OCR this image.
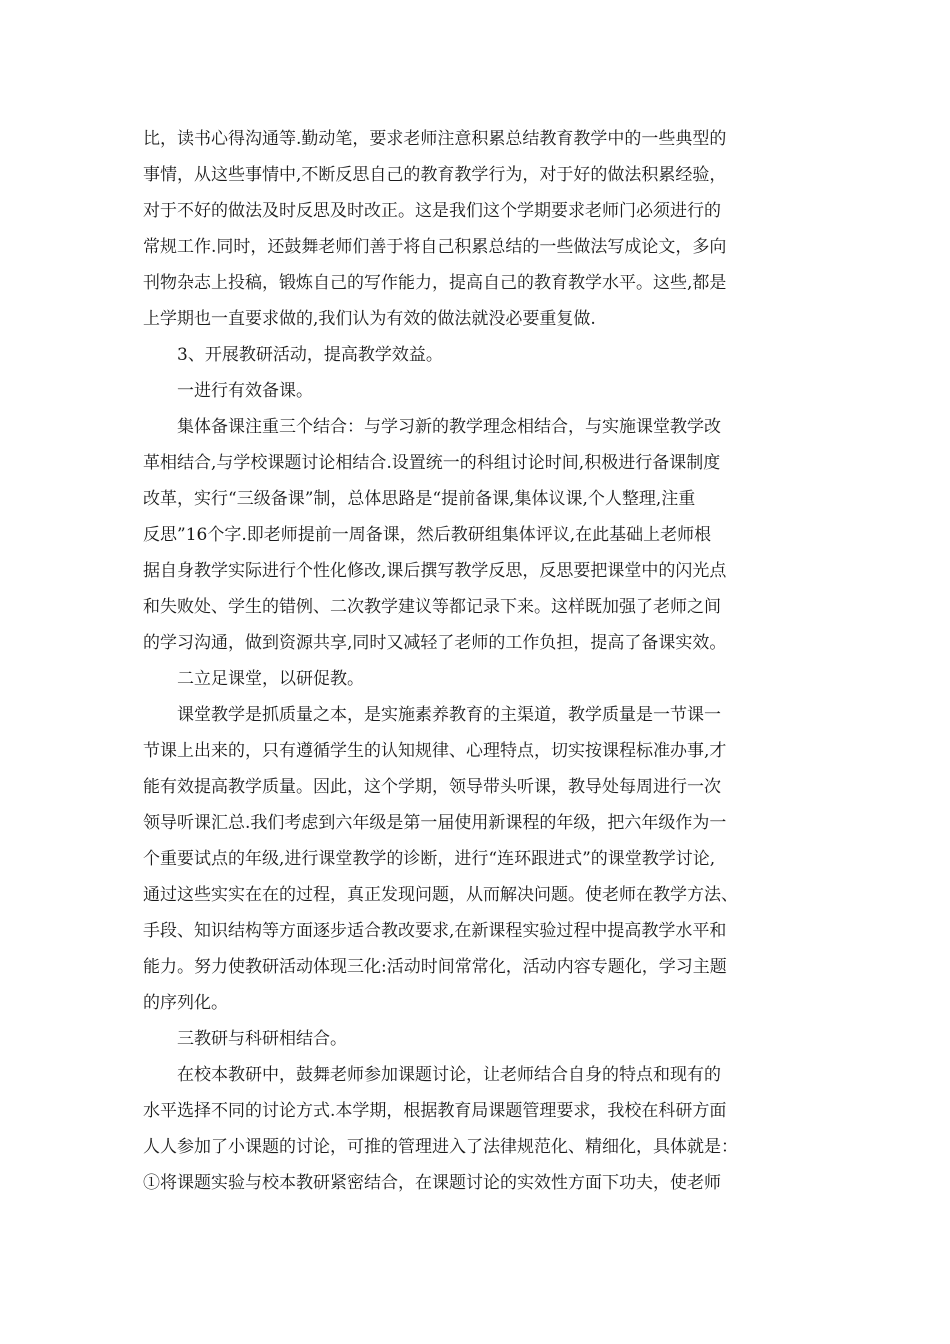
比，读书心得沟通等.勤动笔，要求老师注意积累总结教育教学中的一些典型的
事情，从这些事情中,不断反思自己的教育教学行为，对于好的做法积累经验，
对于不好的做法及时反思及时改正。这是我们这个学期要求老师门必须进行的
常规工作.同时，还鼓舞老师们善于将自己积累总结的一些做法写成论文，多向
刊物杂志上投稿，锻炼自己的写作能力，提高自己的教育教学水平。这些,都是
上学期也一直要求做的,我们认为有效的做法就没必要重复做.
3、开展教研活动，提高教学效益。
一进行有效备课。
集体备课注重三个结合：与学习新的教学理念相结合，与实施课堂教学改
革相结合,与学校课题讨论相结合.设置统一的科组讨论时间,积极进行备课制度
改革，实行“三级备课”制，总体思路是“提前备课,集体议课,个人整理,注重
反思”16个字.即老师提前一周备课，然后教研组集体评议,在此基础上老师根
据自身教学实际进行个性化修改,课后撰写教学反思，反思要把课堂中的闪光点
和失败处、学生的错例、二次教学建议等都记录下来。这样既加强了老师之间
的学习沟通，做到资源共享,同时又减轻了老师的工作负担，提高了备课实效。
二立足课堂，以研促教。
课堂教学是抓质量之本，是实施素养教育的主渠道，教学质量是一节课一
节课上出来的，只有遵循学生的认知规律、心理特点，切实按课程标准办事,才
能有效提高教学质量。因此，这个学期，领导带头听课，教导处每周进行一次
领导听课汇总.我们考虑到六年级是第一届使用新课程的年级，把六年级作为一
个重要试点的年级,进行课堂教学的诊断，进行“连环跟进式”的课堂教学讨论,
通过这些实实在在的过程，真正发现问题，从而解决问题。使老师在教学方法、
手段、知识结构等方面逐步适合教改要求,在新课程实验过程中提高教学水平和
能力。努力使教研活动体现三化:活动时间常常化，活动内容专题化，学习主题
的序列化。
三教研与科研相结合。
在校本教研中，鼓舞老师参加课题讨论，让老师结合自身的特点和现有的
水平选择不同的讨论方式.本学期，根据教育局课题管理要求，我校在科研方面
人人参加了小课题的讨论，可推的管理进入了法律规范化、精细化，具体就是：
①将课题实验与校本教研紧密结合，在课题讨论的实效性方面下功夫，使老师
